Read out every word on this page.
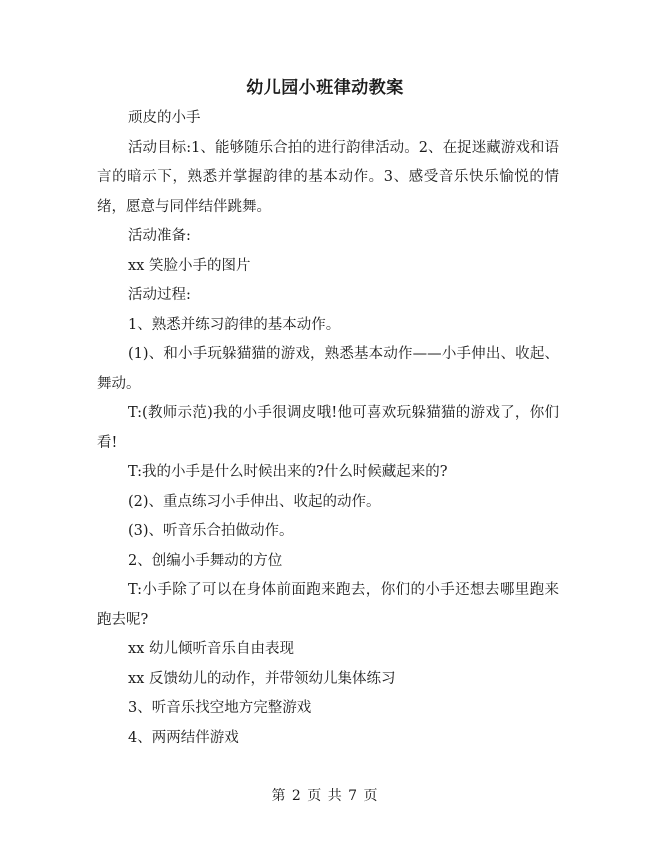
幼儿园小班律动教案

顽皮的小手

活动目标:1、能够随乐合拍的进行韵律活动。2、在捉迷藏游戏和语言的暗示下，熟悉并掌握韵律的基本动作。3、感受音乐快乐愉悦的情绪，愿意与同伴结伴跳舞。

活动准备:

xx 笑脸小手的图片

活动过程:

1、熟悉并练习韵律的基本动作。

(1)、和小手玩躲猫猫的游戏，熟悉基本动作——小手伸出、收起、舞动。

T:(教师示范)我的小手很调皮哦!他可喜欢玩躲猫猫的游戏了，你们看!

T:我的小手是什么时候出来的?什么时候藏起来的?

(2)、重点练习小手伸出、收起的动作。

(3)、听音乐合拍做动作。

2、创编小手舞动的方位

T:小手除了可以在身体前面跑来跑去，你们的小手还想去哪里跑来跑去呢?

xx 幼儿倾听音乐自由表现

xx 反馈幼儿的动作，并带领幼儿集体练习

3、听音乐找空地方完整游戏

4、两两结伴游戏

第 2 页 共 7 页
